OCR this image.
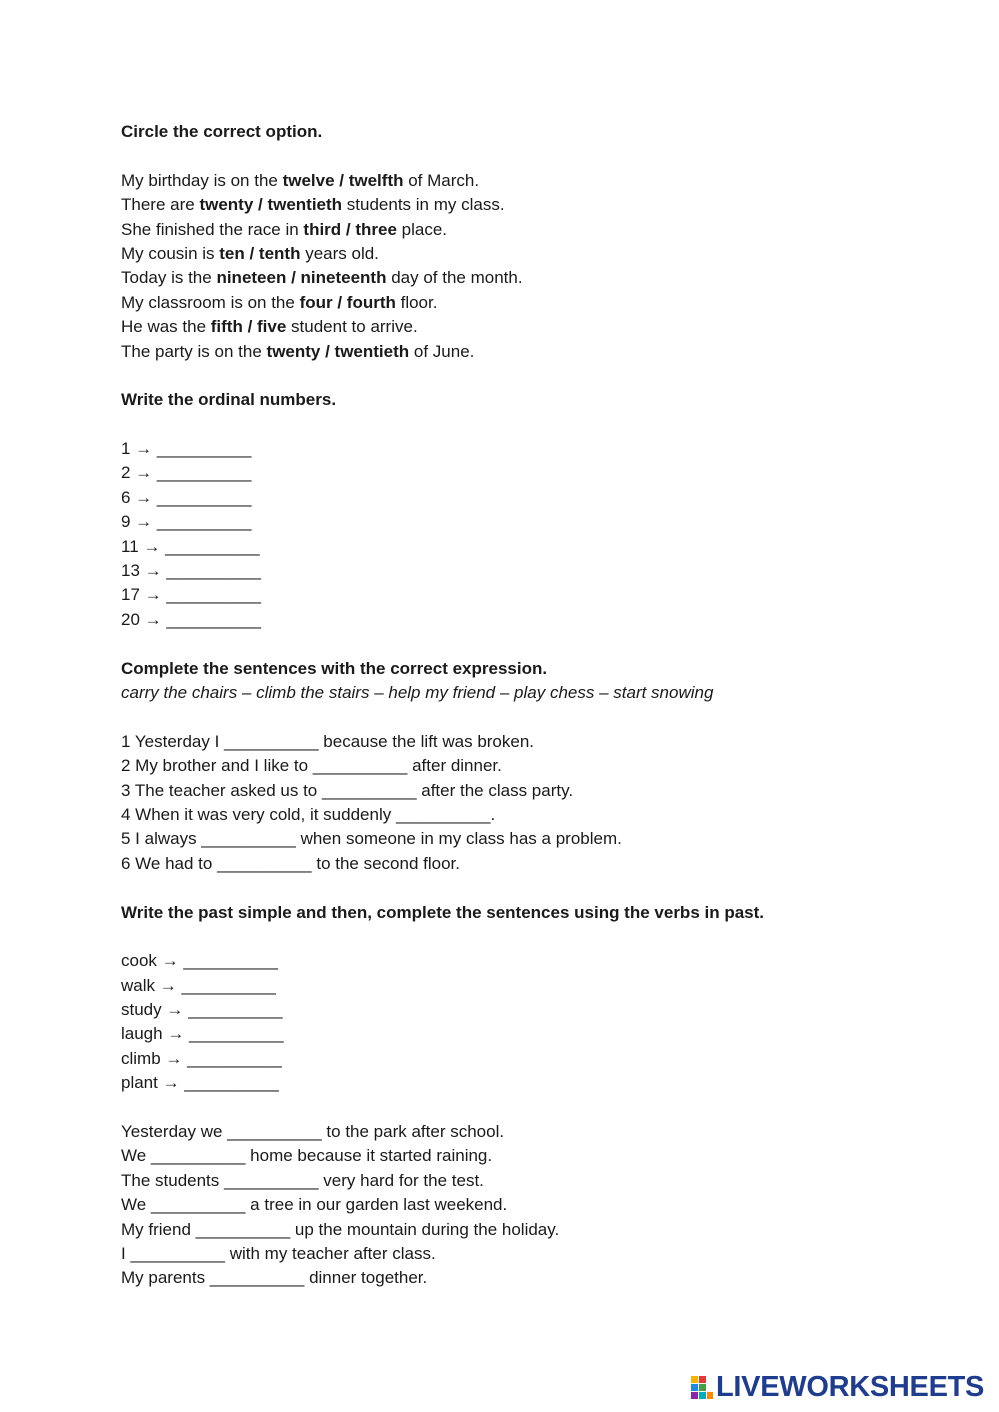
Circle the correct option.
My birthday is on the twelve / twelfth of March.
There are twenty / twentieth students in my class.
She finished the race in third / three place.
My cousin is ten / tenth years old.
Today is the nineteen / nineteenth day of the month.
My classroom is on the four / fourth floor.
He was the fifth / five student to arrive.
The party is on the twenty / twentieth of June.
Write the ordinal numbers.
1 → __________
2 → __________
6 → __________
9 → __________
11 → __________
13 → __________
17 → __________
20 → __________
Complete the sentences with the correct expression.
carry the chairs – climb the stairs – help my friend – play chess – start snowing
1 Yesterday I __________ because the lift was broken.
2 My brother and I like to __________ after dinner.
3 The teacher asked us to __________ after the class party.
4 When it was very cold, it suddenly __________.
5 I always __________ when someone in my class has a problem.
6 We had to __________ to the second floor.
Write the past simple and then, complete the sentences using the verbs in past.
cook → __________
walk → __________
study → __________
laugh → __________
climb → __________
plant → __________
Yesterday we __________ to the park after school.
We __________ home because it started raining.
The students __________ very hard for the test.
We __________ a tree in our garden last weekend.
My friend __________ up the mountain during the holiday.
I __________ with my teacher after class.
My parents __________ dinner together.
LIVEWORKSHEETS
